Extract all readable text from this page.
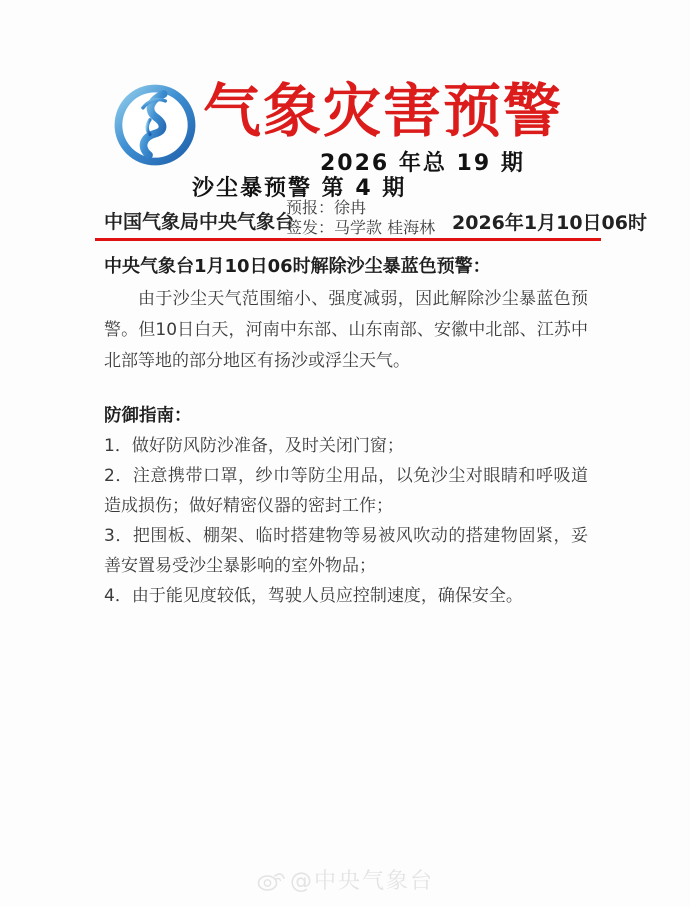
气象灾害预警
2026 年总 19 期
沙尘暴预警 第 4 期
中国气象局中央气象台
预报：徐冉
签发：马学款 桂海林 2026年1月10日06时

中央气象台1月10日06时解除沙尘暴蓝色预警：

由于沙尘天气范围缩小、强度减弱，因此解除沙尘暴蓝色预警。但10日白天，河南中东部、山东南部、安徽中北部、江苏中北部等地的部分地区有扬沙或浮尘天气。

防御指南：

1．做好防风防沙准备，及时关闭门窗；

2．注意携带口罩，纱巾等防尘用品，以免沙尘对眼睛和呼吸道造成损伤；做好精密仪器的密封工作；

3．把围板、棚架、临时搭建物等易被风吹动的搭建物固紧，妥善安置易受沙尘暴影响的室外物品；

4．由于能见度较低，驾驶人员应控制速度，确保安全。

@中央气象台
